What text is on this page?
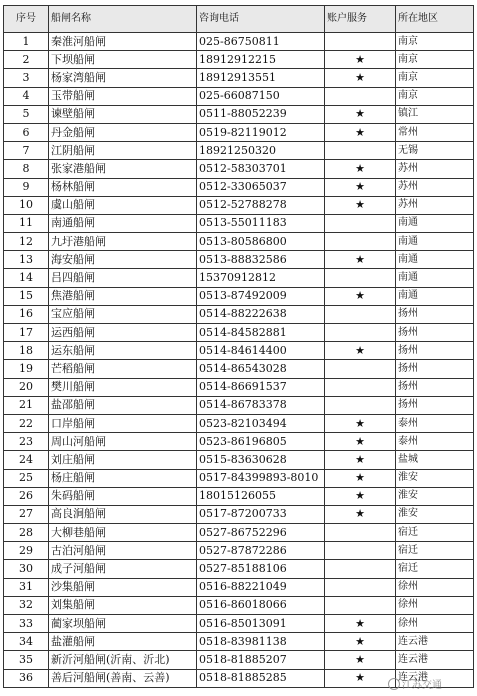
序号	船闸名称	咨询电话	账户服务	所在地区
1	秦淮河船闸	025-86750811		南京
2	下坝船闸	18912912215	★	南京
3	杨家湾船闸	18912913551	★	南京
4	玉带船闸	025-66087150		南京
5	谏壁船闸	0511-88052239	★	镇江
6	丹金船闸	0519-82119012	★	常州
7	江阴船闸	18921250320		无锡
8	张家港船闸	0512-58303701	★	苏州
9	杨林船闸	0512-33065037	★	苏州
10	虞山船闸	0512-52788278	★	苏州
11	南通船闸	0513-55011183		南通
12	九圩港船闸	0513-80586800		南通
13	海安船闸	0513-88832586	★	南通
14	吕四船闸	15370912812		南通
15	焦港船闸	0513-87492009	★	南通
16	宝应船闸	0514-88222638		扬州
17	运西船闸	0514-84582881		扬州
18	运东船闸	0514-84614400	★	扬州
19	芒稻船闸	0514-86543028		扬州
20	樊川船闸	0514-86691537		扬州
21	盐邵船闸	0514-86783378		扬州
22	口岸船闸	0523-82103494	★	泰州
23	周山河船闸	0523-86196805	★	泰州
24	刘庄船闸	0515-83630628	★	盐城
25	杨庄船闸	0517-84399893-8010	★	淮安
26	朱码船闸	18015126055	★	淮安
27	高良涧船闸	0517-87200733	★	淮安
28	大柳巷船闸	0527-86752296		宿迁
29	古泊河船闸	0527-87872286		宿迁
30	成子河船闸	0527-85188106		宿迁
31	沙集船闸	0516-88221049		徐州
32	刘集船闸	0516-86018066		徐州
33	蔺家坝船闸	0516-85013091	★	徐州
34	盐灌船闸	0518-83981138	★	连云港
35	新沂河船闸(沂南、沂北)	0518-81885207	★	连云港
36	善后河船闸(善南、云善)	0518-81885285	★	连云港
江苏交通
